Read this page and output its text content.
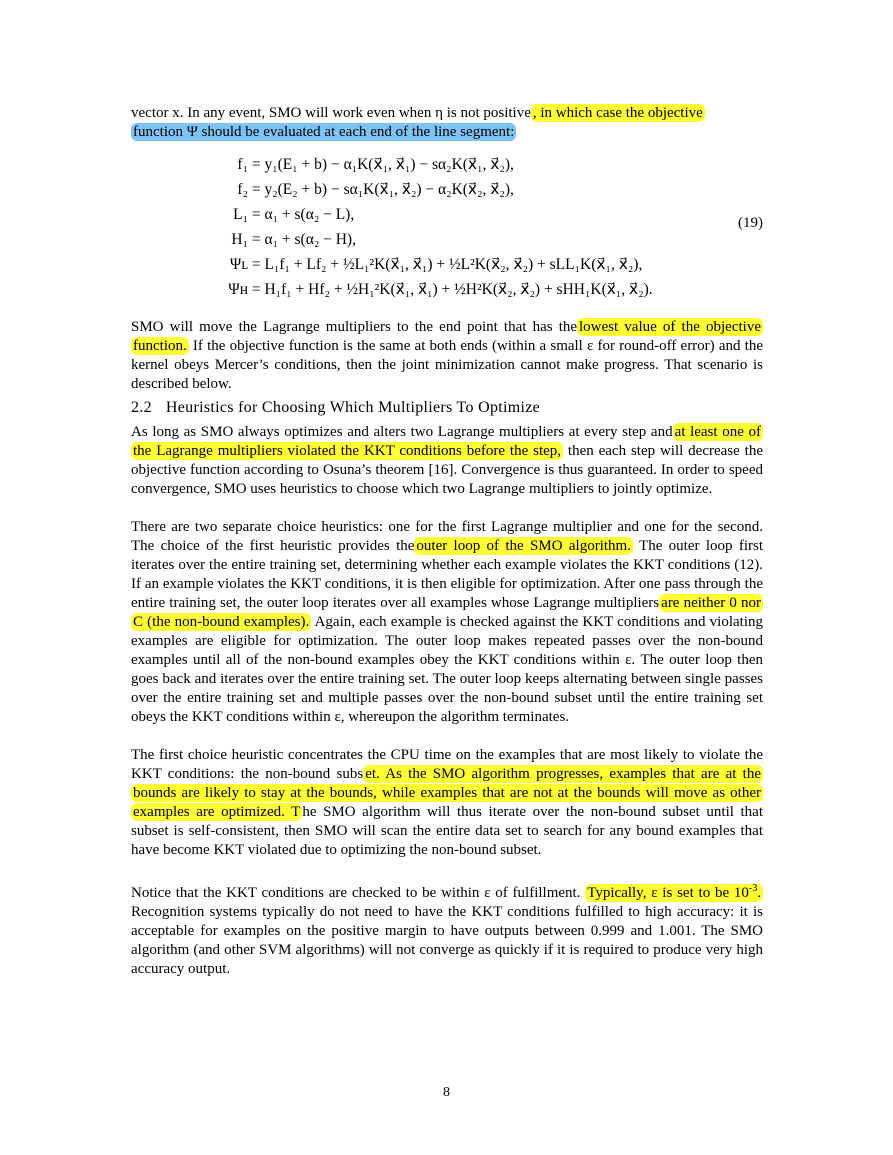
vector x. In any event, SMO will work even when η is not positive , in which case the objective
function Ψ should be evaluated at each end of the line segment:

f₁ = y₁(E₁ + b) − α₁K(x⃗₁, x⃗₁) − sα₂K(x⃗₁, x⃗₂),
f₂ = y₂(E₂ + b) − sα₁K(x⃗₁, x⃗₂) − α₂K(x⃗₂, x⃗₂),
L₁ = α₁ + s(α₂ − L),
H₁ = α₁ + s(α₂ − H),
Ψʟ = L₁f₁ + Lf₂ + ½L₁²K(x⃗₁, x⃗₁) + ½L²K(x⃗₂, x⃗₂) + sLL₁K(x⃗₁, x⃗₂),
Ψʜ = H₁f₁ + Hf₂ + ½H₁²K(x⃗₁, x⃗₁) + ½H²K(x⃗₂, x⃗₂) + sHH₁K(x⃗₁, x⃗₂).
(19)

SMO will move the Lagrange multipliers to the end point that has the lowest value of the objective function. If the objective function is the same at both ends (within a small ε for round-off error) and the kernel obeys Mercer’s conditions, then the joint minimization cannot make progress. That scenario is described below.

2.2 Heuristics for Choosing Which Multipliers To Optimize

As long as SMO always optimizes and alters two Lagrange multipliers at every step and at least one of the Lagrange multipliers violated the KKT conditions before the step, then each step will decrease the objective function according to Osuna’s theorem [16]. Convergence is thus guaranteed. In order to speed convergence, SMO uses heuristics to choose which two Lagrange multipliers to jointly optimize.

There are two separate choice heuristics: one for the first Lagrange multiplier and one for the second. The choice of the first heuristic provides the outer loop of the SMO algorithm. The outer loop first iterates over the entire training set, determining whether each example violates the KKT conditions (12). If an example violates the KKT conditions, it is then eligible for optimization. After one pass through the entire training set, the outer loop iterates over all examples whose Lagrange multipliers are neither 0 nor C (the non-bound examples). Again, each example is checked against the KKT conditions and violating examples are eligible for optimization. The outer loop makes repeated passes over the non-bound examples until all of the non-bound examples obey the KKT conditions within ε. The outer loop then goes back and iterates over the entire training set. The outer loop keeps alternating between single passes over the entire training set and multiple passes over the non-bound subset until the entire training set obeys the KKT conditions within ε, whereupon the algorithm terminates.

The first choice heuristic concentrates the CPU time on the examples that are most likely to violate the KKT conditions: the non-bound subs et. As the SMO algorithm progresses, examples that are at the bounds are likely to stay at the bounds, while examples that are not at the bounds will move as other examples are optimized. T he SMO algorithm will thus iterate over the non-bound subset until that subset is self-consistent, then SMO will scan the entire data set to search for any bound examples that have become KKT violated due to optimizing the non-bound subset.

Notice that the KKT conditions are checked to be within ε of fulfillment. Typically, ε is set to be $10^{-3}$. Recognition systems typically do not need to have the KKT conditions fulfilled to high accuracy: it is acceptable for examples on the positive margin to have outputs between 0.999 and 1.001. The SMO algorithm (and other SVM algorithms) will not converge as quickly if it is required to produce very high accuracy output.

8
